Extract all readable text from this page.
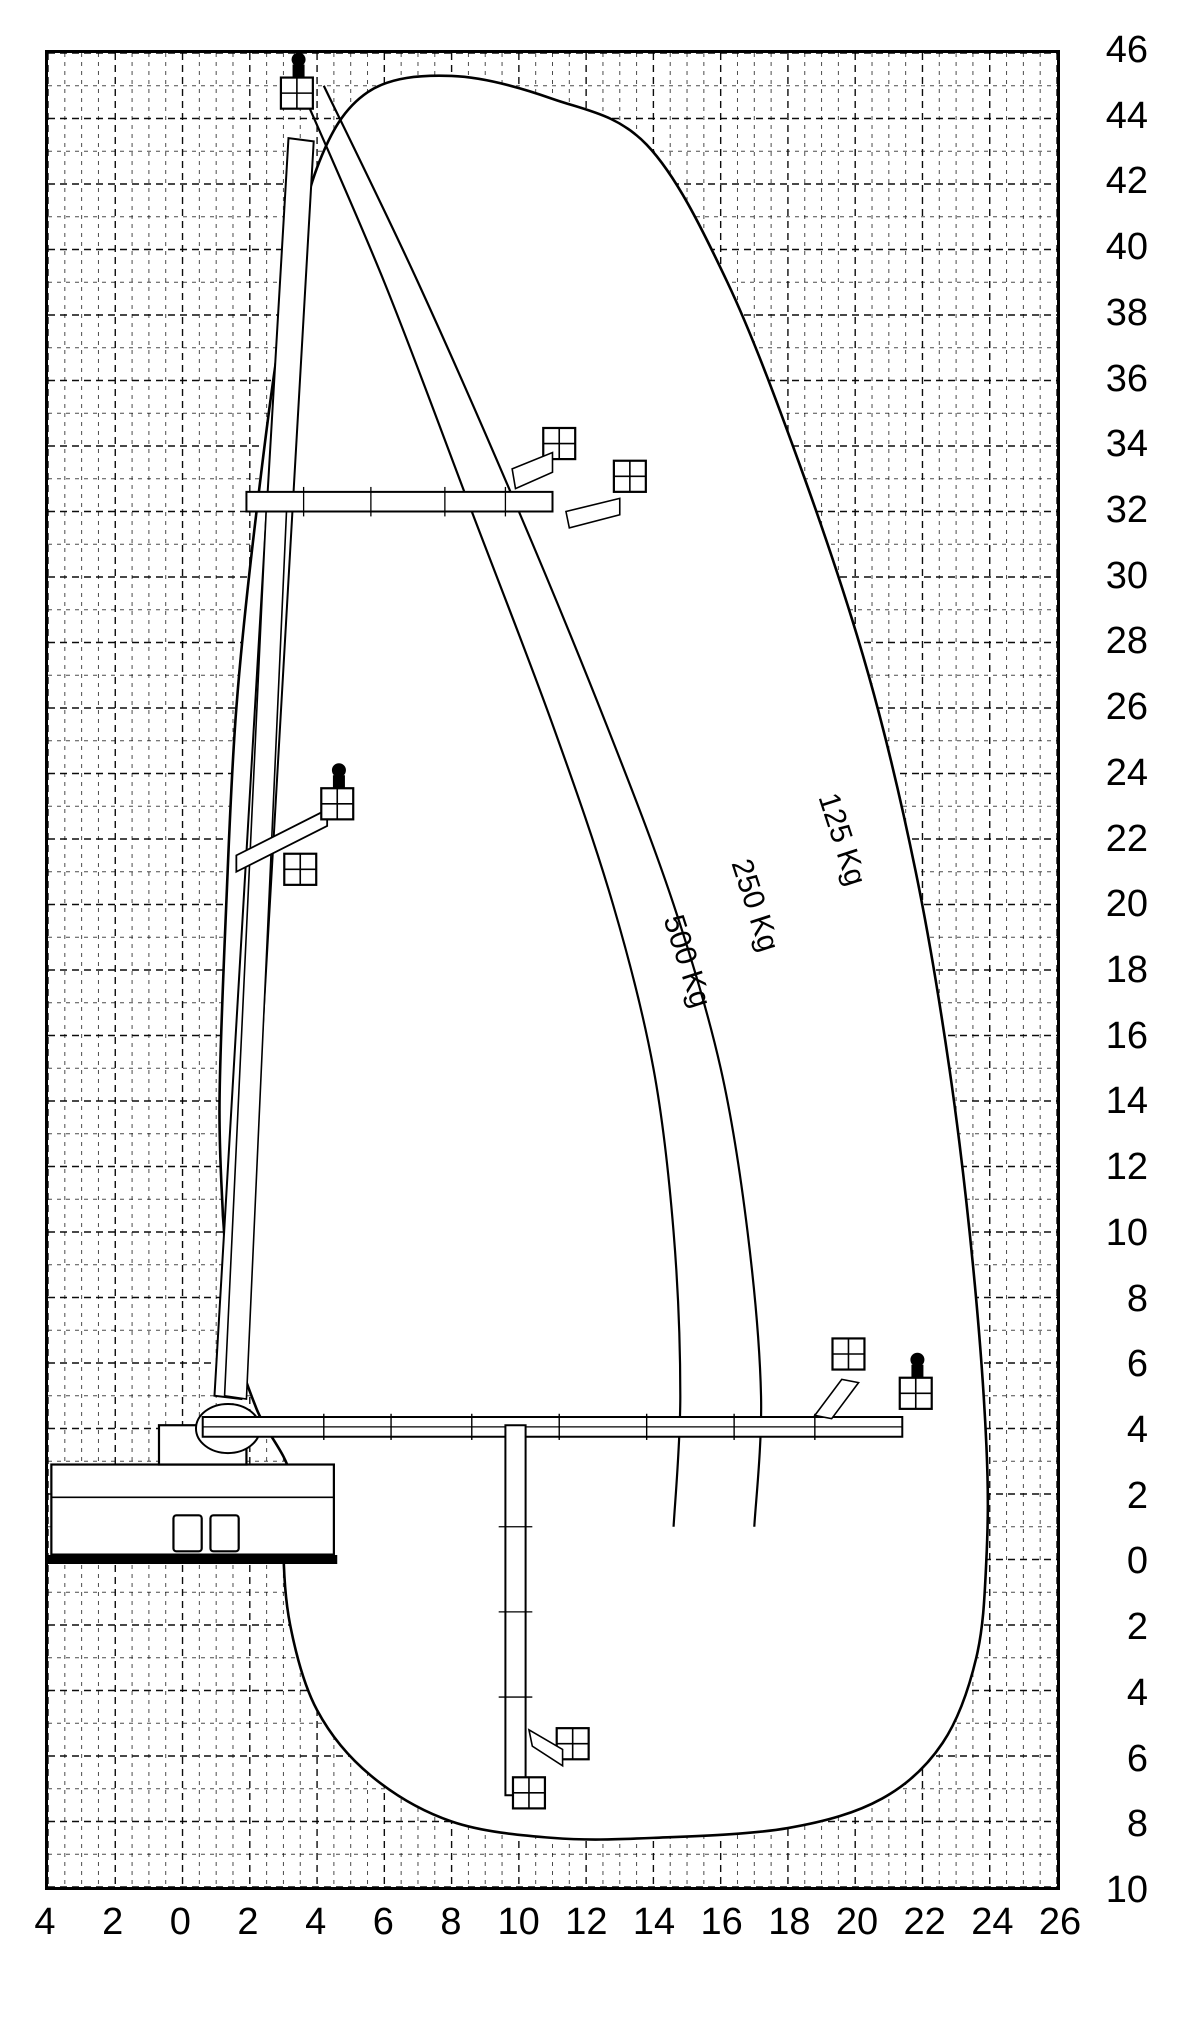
46
44
42
40
38
36
34
32
30
28
26
24
22
20
18
16
14
12
10
8
6
4
2
0
2
4
6
8
10
4 2 0 2 4 6 8 10 12 14 16 18 20 22 24 26
125 Kg
250 Kg
500 Kg
